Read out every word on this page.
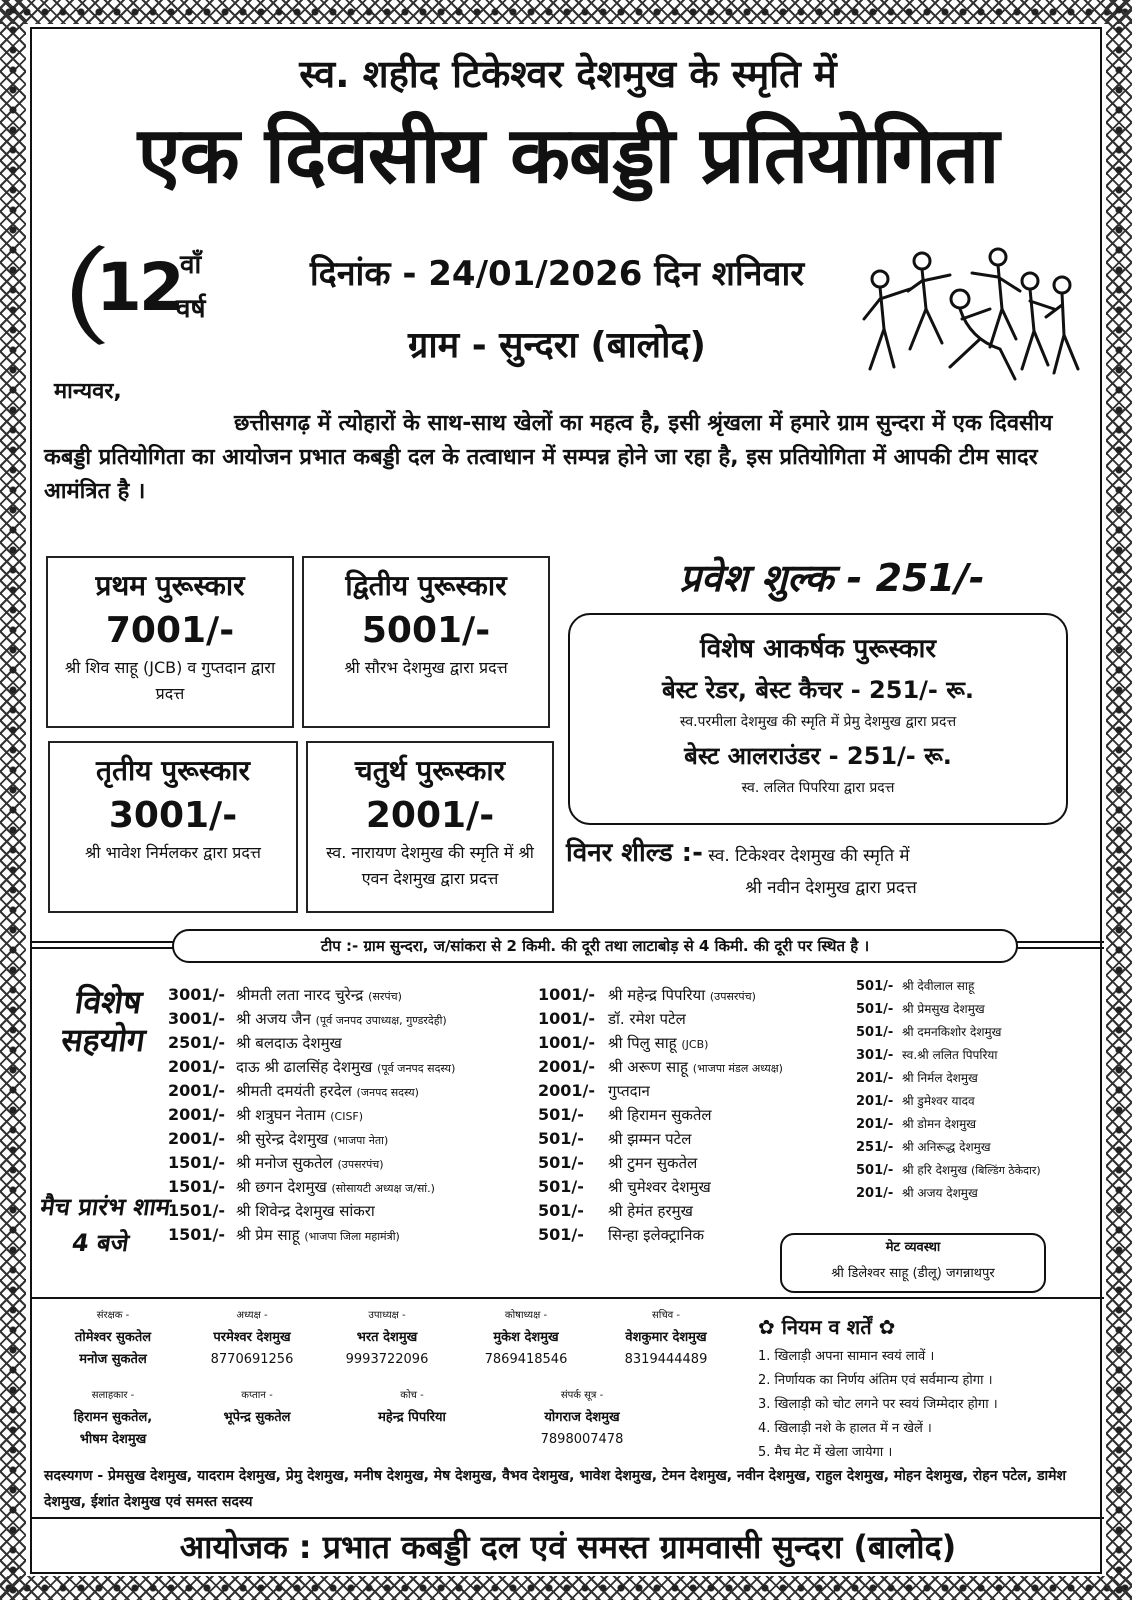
स्व. शहीद टिकेश्वर देशमुख के स्मृति में
एक दिवसीय कबड्डी प्रतियोगिता
12
वाँ
वर्ष
दिनांक - 24/01/2026 दिन शनिवार
ग्राम - सुन्दरा (बालोद)
मान्यवर,

छत्तीसगढ़ में त्योहारों के साथ-साथ खेलों का महत्व है, इसी श्रृंखला में हमारे ग्राम सुन्दरा में एक दिवसीय कबड्डी प्रतियोगिता का आयोजन प्रभात कबड्डी दल के तत्वाधान में सम्पन्न होने जा रहा है, इस प्रतियोगिता में आपकी टीम सादर आमंत्रित है ।

प्रथम पुरूस्कार
7001/-
श्री शिव साहू (JCB) व गुप्तदान द्वारा प्रदत्त
द्वितीय पुरूस्कार
5001/-
श्री सौरभ देशमुख द्वारा प्रदत्त
तृतीय पुरूस्कार
3001/-
श्री भावेश निर्मलकर द्वारा प्रदत्त
चतुर्थ पुरूस्कार
2001/-
स्व. नारायण देशमुख की स्मृति में श्री एवन देशमुख द्वारा प्रदत्त
प्रवेश शुल्क - 251/-
विशेष आकर्षक पुरूस्कार
बेस्ट रेडर, बेस्ट कैचर - 251/- रू.
स्व.परमीला देशमुख की स्मृति में प्रेमु देशमुख द्वारा प्रदत्त
बेस्ट आलराउंडर - 251/- रू.
स्व. ललित पिपरिया द्वारा प्रदत्त
विनर शील्ड :- स्व. टिकेश्वर देशमुख की स्मृति में
श्री नवीन देशमुख द्वारा प्रदत्त
टीप :- ग्राम सुन्दरा, ज/सांकरा से 2 किमी. की दूरी तथा लाटाबोड़ से 4 किमी. की दूरी पर स्थित है ।
विशेष सहयोग
मैच प्रारंभ शाम 4 बजे
3001/- श्रीमती लता नारद चुरेन्द्र (सरपंच)
3001/- श्री अजय जैन (पूर्व जनपद उपाध्यक्ष, गुण्डरदेही)
2501/- श्री बलदाऊ देशमुख
2001/- दाऊ श्री ढालसिंह देशमुख (पूर्व जनपद सदस्य)
2001/- श्रीमती दमयंती हरदेल (जनपद सदस्य)
2001/- श्री शत्रुघन नेताम (CISF)
2001/- श्री सुरेन्द्र देशमुख (भाजपा नेता)
1501/- श्री मनोज सुकतेल (उपसरपंच)
1501/- श्री छगन देशमुख (सोसायटी अध्यक्ष ज/सां.)
1501/- श्री शिवेन्द्र देशमुख सांकरा
1501/- श्री प्रेम साहू (भाजपा जिला महामंत्री)
1001/- श्री महेन्द्र पिपरिया (उपसरपंच)
1001/- डॉ. रमेश पटेल
1001/- श्री पिलु साहू (JCB)
2001/- श्री अरूण साहू (भाजपा मंडल अध्यक्ष)
2001/- गुप्तदान
501/- श्री हिरामन सुकतेल
501/- श्री झम्मन पटेल
501/- श्री टुमन सुकतेल
501/- श्री चुमेश्वर देशमुख
501/- श्री हेमंत हरमुख
501/- सिन्हा इलेक्ट्रानिक
501/- श्री देवीलाल साहू
501/- श्री प्रेमसुख देशमुख
501/- श्री दमनकिशोर देशमुख
301/- स्व.श्री ललित पिपरिया
201/- श्री निर्मल देशमुख
201/- श्री डुमेश्वर यादव
201/- श्री डोमन देशमुख
251/- श्री अनिरूद्ध देशमुख
501/- श्री हरि देशमुख (बिल्डिंग ठेकेदार)
201/- श्री अजय देशमुख
मेट व्यवस्था
श्री डिलेश्वर साहू (डीलू) जगन्नाथपुर
संरक्षक -
तोमेश्वर सुकतेल
मनोज सुकतेल
अध्यक्ष -
परमेश्वर देशमुख
8770691256
उपाध्यक्ष -
भरत देशमुख
9993722096
कोषाध्यक्ष -
मुकेश देशमुख
7869418546
सचिव -
वेशकुमार देशमुख
8319444489
सलाहकार -
हिरामन सुकतेल,
भीषम देशमुख
कप्तान -
भूपेन्द्र सुकतेल
कोच -
महेन्द्र पिपरिया
संपर्क सूत्र -
योगराज देशमुख
7898007478
✿ नियम व शर्तें ✿
1. खिलाड़ी अपना सामान स्वयं लावें ।
2. निर्णायक का निर्णय अंतिम एवं सर्वमान्य होगा ।
3. खिलाड़ी को चोट लगने पर स्वयं जिम्मेदार होगा ।
4. खिलाड़ी नशे के हालत में न खेलें ।
5. मैच मेट में खेला जायेगा ।
सदस्यगण - प्रेमसुख देशमुख, यादराम देशमुख, प्रेमु देशमुख, मनीष देशमुख, मेष देशमुख, वैभव देशमुख, भावेश देशमुख, टेमन देशमुख, नवीन देशमुख, राहुल देशमुख, मोहन देशमुख, रोहन पटेल, डामेश देशमुख, ईशांत देशमुख एवं समस्त सदस्य
आयोजक : प्रभात कबड्डी दल एवं समस्त ग्रामवासी सुन्दरा (बालोद)
